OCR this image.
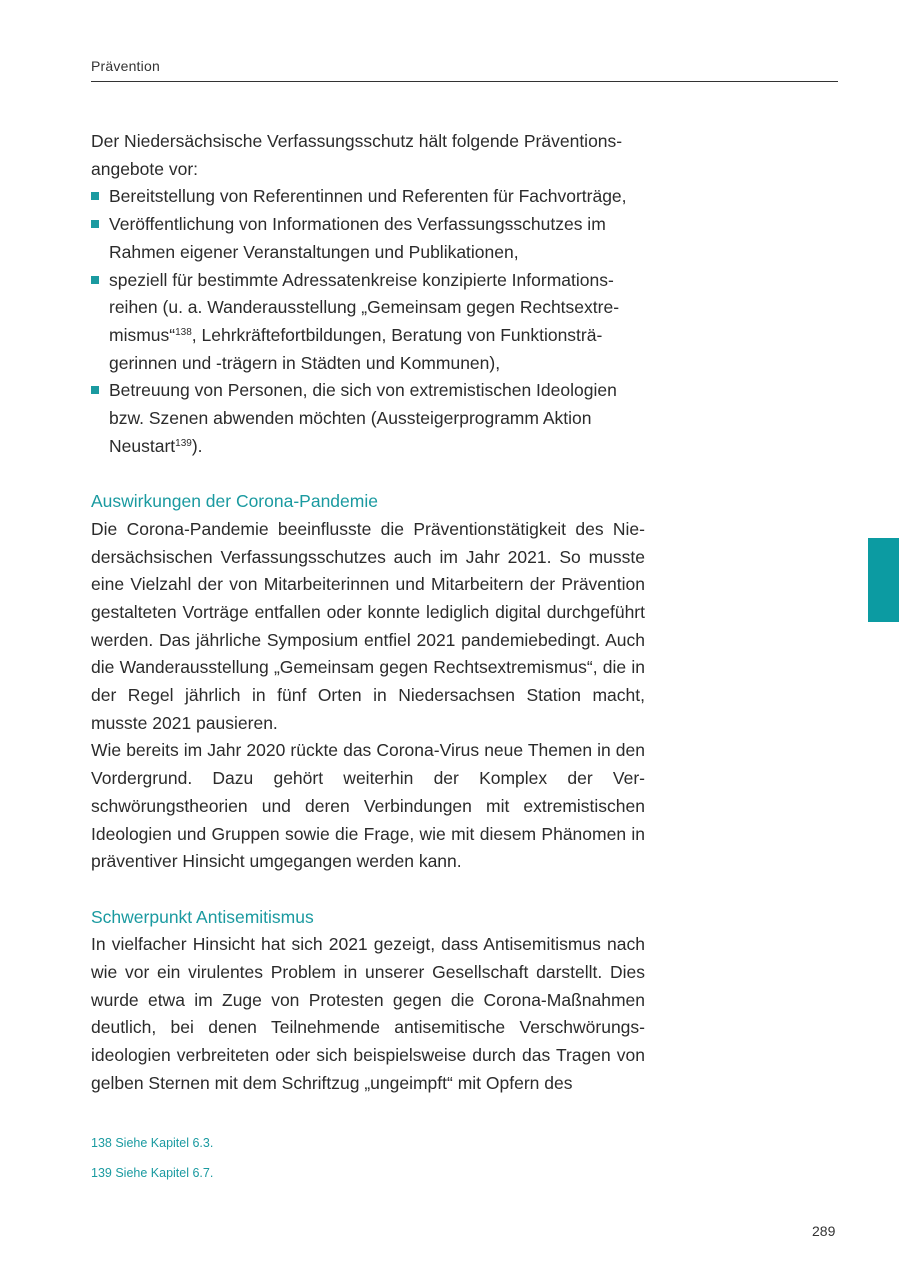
Prävention

Der Niedersächsische Verfassungsschutz hält folgende Präventionsangebote vor:

Bereitstellung von Referentinnen und Referenten für Fachvorträge,
Veröffentlichung von Informationen des Verfassungsschutzes im Rahmen eigener Veranstaltungen und Publikationen,
speziell für bestimmte Adressatenkreise konzipierte Informationsreihen (u. a. Wanderausstellung „Gemeinsam gegen Rechtsextremismus“$^{138}$, Lehrkräftefortbildungen, Beratung von Funktionsträgerinnen und -trägern in Städten und Kommunen),
Betreuung von Personen, die sich von extremistischen Ideologien bzw. Szenen abwenden möchten (Aussteigerprogramm Aktion Neustart$^{139}$).

Auswirkungen der Corona-Pandemie

Die Corona-Pandemie beeinflusste die Präventionstätigkeit des Niedersächsischen Verfassungsschutzes auch im Jahr 2021. So musste eine Vielzahl der von Mitarbeiterinnen und Mitarbeitern der Prävention gestalteten Vorträge entfallen oder konnte lediglich digital durchgeführt werden. Das jährliche Symposium entfiel 2021 pandemiebedingt. Auch die Wanderausstellung „Gemeinsam gegen Rechtsextremismus“, die in der Regel jährlich in fünf Orten in Niedersachsen Station macht, musste 2021 pausieren.

Wie bereits im Jahr 2020 rückte das Corona-Virus neue Themen in den Vordergrund. Dazu gehört weiterhin der Komplex der Verschwörungstheorien und deren Verbindungen mit extremistischen Ideologien und Gruppen sowie die Frage, wie mit diesem Phänomen in präventiver Hinsicht umgegangen werden kann.

Schwerpunkt Antisemitismus

In vielfacher Hinsicht hat sich 2021 gezeigt, dass Antisemitismus nach wie vor ein virulentes Problem in unserer Gesellschaft darstellt. Dies wurde etwa im Zuge von Protesten gegen die Corona-Maßnahmen deutlich, bei denen Teilnehmende antisemitische Verschwörungsideologien verbreiteten oder sich beispielsweise durch das Tragen von gelben Sternen mit dem Schriftzug „ungeimpft“ mit Opfern des

138 Siehe Kapitel 6.3.
139 Siehe Kapitel 6.7.
289
